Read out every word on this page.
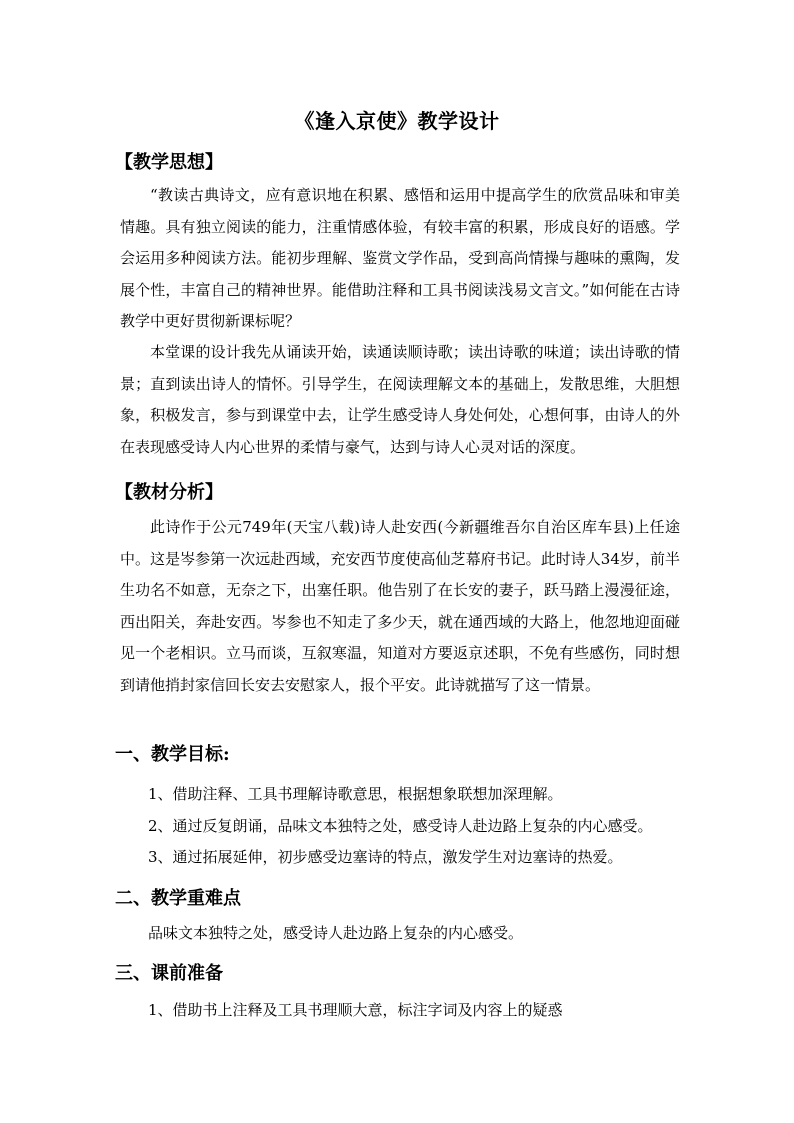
《逢入京使》教学设计
【教学思想】
“教读古典诗文，应有意识地在积累、感悟和运用中提高学生的欣赏品味和审美情趣。具有独立阅读的能力，注重情感体验，有较丰富的积累，形成良好的语感。学会运用多种阅读方法。能初步理解、鉴赏文学作品，受到高尚情操与趣味的熏陶，发展个性，丰富自己的精神世界。能借助注释和工具书阅读浅易文言文。”如何能在古诗教学中更好贯彻新课标呢？
本堂课的设计我先从诵读开始，读通读顺诗歌；读出诗歌的味道；读出诗歌的情景；直到读出诗人的情怀。引导学生，在阅读理解文本的基础上，发散思维，大胆想象，积极发言，参与到课堂中去，让学生感受诗人身处何处，心想何事，由诗人的外在表现感受诗人内心世界的柔情与豪气，达到与诗人心灵对话的深度。
【教材分析】
此诗作于公元749年(天宝八载)诗人赴安西(今新疆维吾尔自治区库车县)上任途中。这是岑参第一次远赴西域，充安西节度使高仙芝幕府书记。此时诗人34岁，前半生功名不如意，无奈之下，出塞任职。他告别了在长安的妻子，跃马踏上漫漫征途，西出阳关，奔赴安西。岑参也不知走了多少天，就在通西域的大路上，他忽地迎面碰见一个老相识。立马而谈，互叙寒温，知道对方要返京述职，不免有些感伤，同时想到请他捎封家信回长安去安慰家人，报个平安。此诗就描写了这一情景。
一、教学目标:
1、借助注释、工具书理解诗歌意思，根据想象联想加深理解。
2、通过反复朗诵，品味文本独特之处，感受诗人赴边路上复杂的内心感受。
3、通过拓展延伸，初步感受边塞诗的特点，激发学生对边塞诗的热爱。
二、教学重难点
品味文本独特之处，感受诗人赴边路上复杂的内心感受。
三、课前准备
1、借助书上注释及工具书理顺大意，标注字词及内容上的疑惑
